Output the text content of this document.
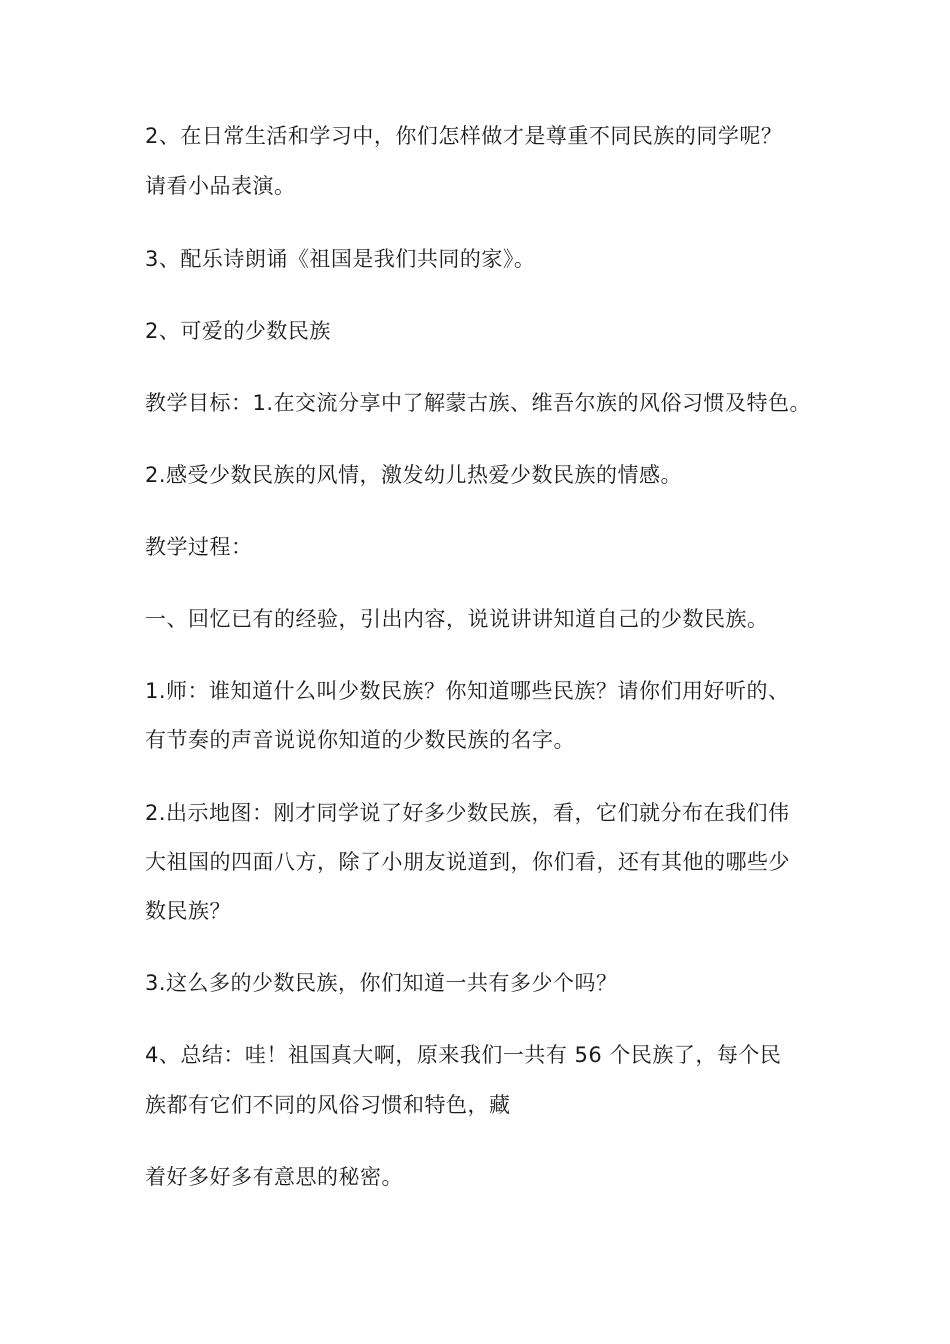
2、在日常生活和学习中，你们怎样做才是尊重不同民族的同学呢？
请看小品表演。
3、配乐诗朗诵《祖国是我们共同的家》。
2、可爱的少数民族
教学目标：1.在交流分享中了解蒙古族、维吾尔族的风俗习惯及特色。
2.感受少数民族的风情，激发幼儿热爱少数民族的情感。
教学过程：
一、回忆已有的经验，引出内容，说说讲讲知道自己的少数民族。
1.师：谁知道什么叫少数民族？你知道哪些民族？请你们用好听的、
有节奏的声音说说你知道的少数民族的名字。
2.出示地图：刚才同学说了好多少数民族，看，它们就分布在我们伟
大祖国的四面八方，除了小朋友说道到，你们看，还有其他的哪些少
数民族？
3.这么多的少数民族，你们知道一共有多少个吗？
4、总结：哇！祖国真大啊，原来我们一共有 56 个民族了，每个民
族都有它们不同的风俗习惯和特色，藏
着好多好多有意思的秘密。
